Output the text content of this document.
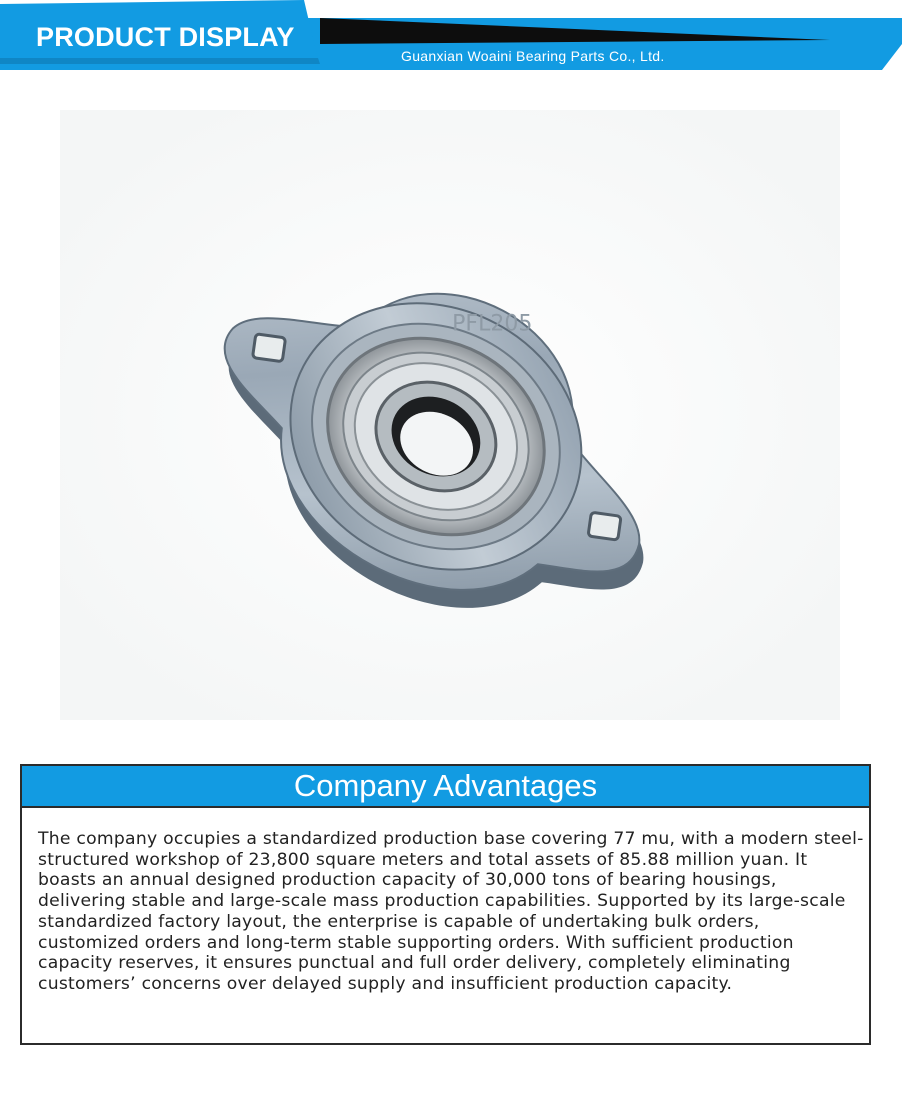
PRODUCT DISPLAY
Guanxian Woaini Bearing Parts Co., Ltd.
PFL205
Company Advantages
The company occupies a standardized production base covering 77 mu, with a modern steel-structured workshop of 23,800 square meters and total assets of 85.88 million yuan. It boasts an annual designed production capacity of 30,000 tons of bearing housings, delivering stable and large-scale mass production capabilities. Supported by its large-scale standardized factory layout, the enterprise is capable of undertaking bulk orders, customized orders and long-term stable supporting orders. With sufficient production capacity reserves, it ensures punctual and full order delivery, completely eliminating customers’ concerns over delayed supply and insufficient production capacity.
